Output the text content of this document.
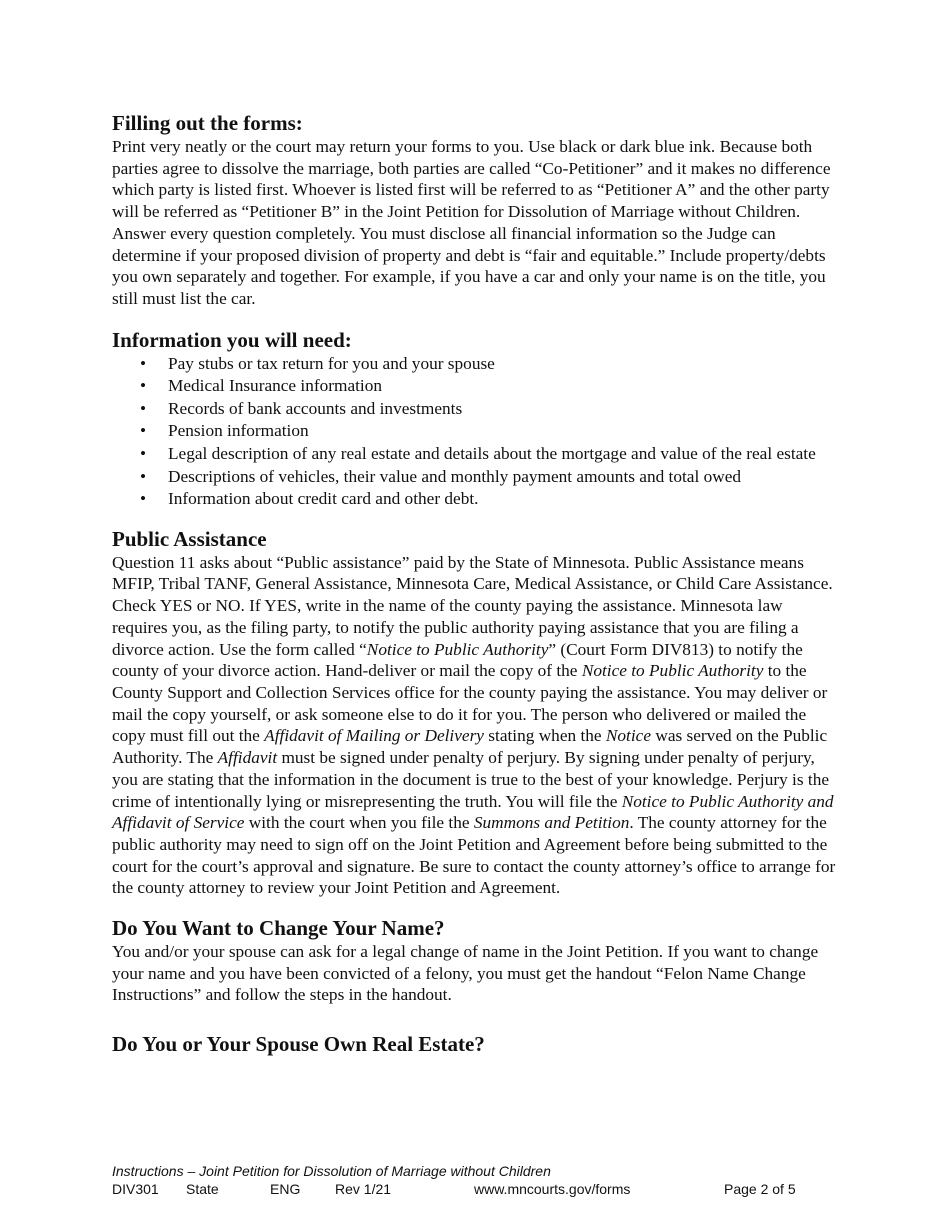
Filling out the forms:

Print very neatly or the court may return your forms to you. Use black or dark blue ink. Because both parties agree to dissolve the marriage, both parties are called “Co-Petitioner” and it makes no difference which party is listed first. Whoever is listed first will be referred to as “Petitioner A” and the other party will be referred as “Petitioner B” in the Joint Petition for Dissolution of Marriage without Children. Answer every question completely. You must disclose all financial information so the Judge can determine if your proposed division of property and debt is “fair and equitable.” Include property/debts you own separately and together. For example, if you have a car and only your name is on the title, you still must list the car.

Information you will need:
• Pay stubs or tax return for you and your spouse
• Medical Insurance information
• Records of bank accounts and investments
• Pension information
• Legal description of any real estate and details about the mortgage and value of the real estate
• Descriptions of vehicles, their value and monthly payment amounts and total owed
• Information about credit card and other debt.
Public Assistance

Question 11 asks about “Public assistance” paid by the State of Minnesota. Public Assistance means MFIP, Tribal TANF, General Assistance, Minnesota Care, Medical Assistance, or Child Care Assistance. Check YES or NO. If YES, write in the name of the county paying the assistance. Minnesota law requires you, as the filing party, to notify the public authority paying assistance that you are filing a divorce action. Use the form called “Notice to Public Authority” (Court Form DIV813) to notify the county of your divorce action. Hand-deliver or mail the copy of the Notice to Public Authority to the County Support and Collection Services office for the county paying the assistance. You may deliver or mail the copy yourself, or ask someone else to do it for you. The person who delivered or mailed the copy must fill out the Affidavit of Mailing or Delivery stating when the Notice was served on the Public Authority. The Affidavit must be signed under penalty of perjury. By signing under penalty of perjury, you are stating that the information in the document is true to the best of your knowledge. Perjury is the crime of intentionally lying or misrepresenting the truth. You will file the Notice to Public Authority and Affidavit of Service with the court when you file the Summons and Petition. The county attorney for the public authority may need to sign off on the Joint Petition and Agreement before being submitted to the court for the court’s approval and signature. Be sure to contact the county attorney’s office to arrange for the county attorney to review your Joint Petition and Agreement.

Do You Want to Change Your Name?

You and/or your spouse can ask for a legal change of name in the Joint Petition. If you want to change your name and you have been convicted of a felony, you must get the handout “Felon Name Change Instructions” and follow the steps in the handout.

Do You or Your Spouse Own Real Estate?
Instructions – Joint Petition for Dissolution of Marriage without Children
DIV301 State	ENG Rev 1/21	www.mncourts.gov/forms	Page 2 of 5
